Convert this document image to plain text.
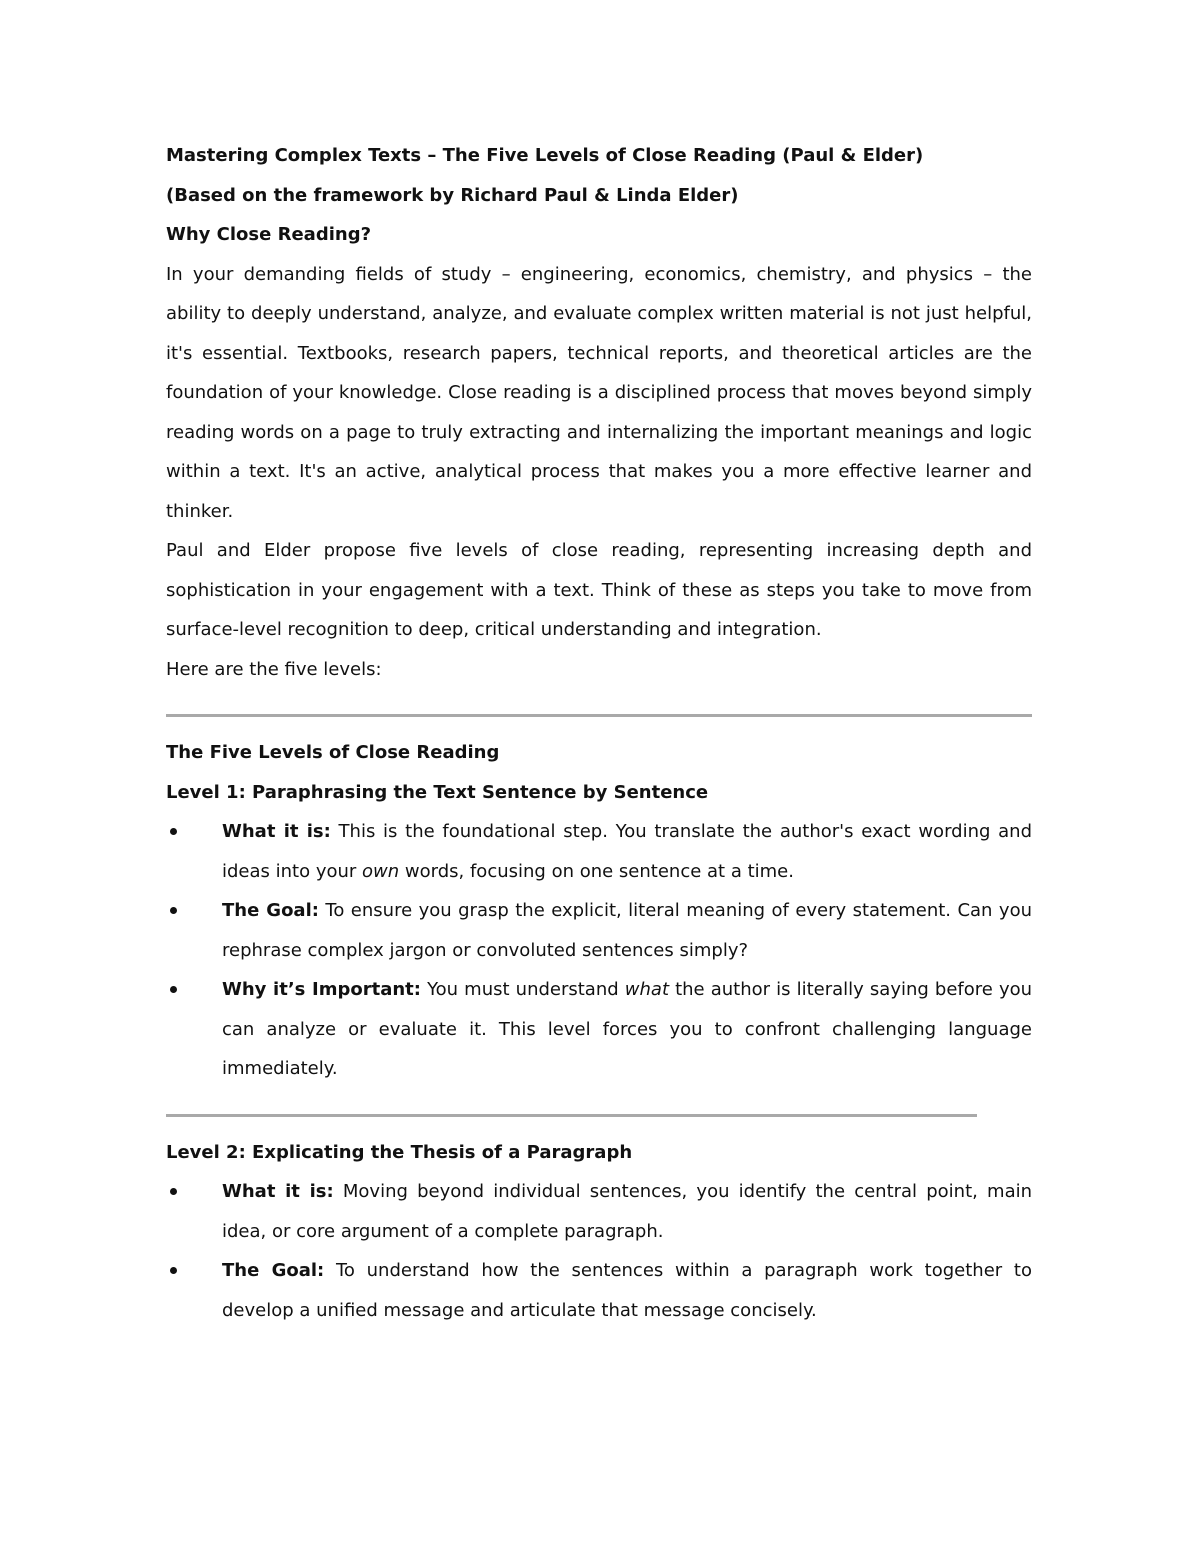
Mastering Complex Texts – The Five Levels of Close Reading (Paul & Elder)

(Based on the framework by Richard Paul & Linda Elder)

Why Close Reading?

In your demanding fields of study – engineering, economics, chemistry, and physics – the ability to deeply understand, analyze, and evaluate complex written material is not just helpful, it's essential. Textbooks, research papers, technical reports, and theoretical articles are the foundation of your knowledge. Close reading is a disciplined process that moves beyond simply reading words on a page to truly extracting and internalizing the important meanings and logic within a text. It's an active, analytical process that makes you a more effective learner and thinker.

Paul and Elder propose five levels of close reading, representing increasing depth and sophistication in your engagement with a text. Think of these as steps you take to move from surface-level recognition to deep, critical understanding and integration.

Here are the five levels:

The Five Levels of Close Reading
Level 1: Paraphrasing the Text Sentence by Sentence
What it is: This is the foundational step. You translate the author's exact wording and ideas into your own words, focusing on one sentence at a time.
The Goal: To ensure you grasp the explicit, literal meaning of every statement. Can you rephrase complex jargon or convoluted sentences simply?
Why it’s Important: You must understand what the author is literally saying before you can analyze or evaluate it. This level forces you to confront challenging language immediately.
Level 2: Explicating the Thesis of a Paragraph
What it is: Moving beyond individual sentences, you identify the central point, main idea, or core argument of a complete paragraph.
The Goal: To understand how the sentences within a paragraph work together to develop a unified message and articulate that message concisely.
